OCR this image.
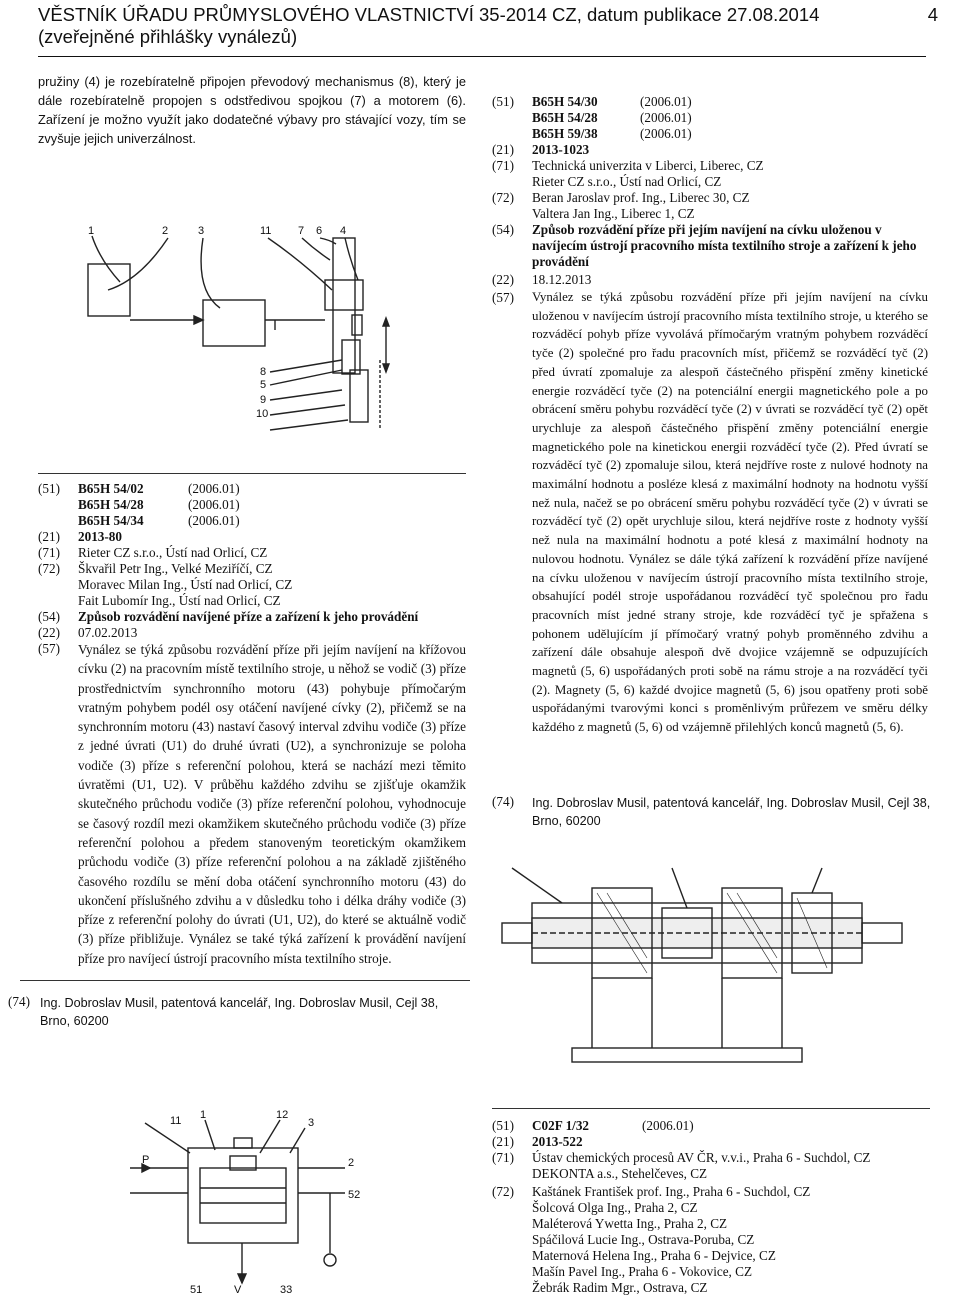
VĚSTNÍK ÚŘADU PRŮMYSLOVÉHO VLASTNICTVÍ 35-2014 CZ, datum publikace 27.08.2014
(zveřejněné přihlášky vynálezů)
4
pružiny (4) je rozebíratelně připojen převodový mechanismus (8), který je dále rozebíratelně propojen s odstředivou spojkou (7) a motorem (6). Zařízení je možno využít jako dodatečné výbavy pro stávající vozy, tím se zvyšuje jejich univerzálnost.
1	2	3	11 7 6 4
8
5
9
10
(51)	B65H 54/02	(2006.01)
B65H 54/28	(2006.01)
B65H 54/34	(2006.01)
(21)	2013-80
(71)	Rieter CZ s.r.o., Ústí nad Orlicí, CZ
(72)	Škvařil Petr Ing., Velké Meziříčí, CZ
Moravec Milan Ing., Ústí nad Orlicí, CZ
Fait Lubomír Ing., Ústí nad Orlicí, CZ
(54)	Způsob rozvádění navíjené příze a zařízení k jeho provádění
(22)	07.02.2013
(57)	Vynález se týká způsobu rozvádění příze při jejím navíjení na křížovou cívku (2) na pracovním místě textilního stroje, u něhož se vodič (3) příze prostřednictvím synchronního motoru (43) pohybuje přímočarým vratným pohybem podél osy otáčení navíjené cívky (2), přičemž se na synchronním motoru (43) nastaví časový interval zdvihu vodiče (3) příze z jedné úvrati (U1) do druhé úvrati (U2), a synchronizuje se poloha vodiče (3) příze s referenční polohou, která se nachází mezi těmito úvratěmi (U1, U2). V průběhu každého zdvihu se zjišťuje okamžik skutečného průchodu vodiče (3) příze referenční polohou, vyhodnocuje se časový rozdíl mezi okamžikem skutečného průchodu vodiče (3) příze referenční polohou a předem stanoveným teoretickým okamžikem průchodu vodiče (3) příze referenční polohou a na základě zjištěného časového rozdílu se mění doba otáčení synchronního motoru (43) do ukončení příslušného zdvihu a v důsledku toho i délka dráhy vodiče (3) příze z referenční polohy do úvrati (U1, U2), do které se aktuálně vodič (3) příze přibližuje. Vynález se také týká zařízení k provádění navíjení příze pro navíjecí ústrojí pracovního místa textilního stroje.
(74) Ing. Dobroslav Musil, patentová kancelář, Ing. Dobroslav Musil, Cejl 38, Brno, 60200
(51)	B65H 54/30	(2006.01)
B65H 54/28	(2006.01)
B65H 59/38	(2006.01)
(21)	2013-1023
(71)	Technická univerzita v Liberci, Liberec, CZ
Rieter CZ s.r.o., Ústí nad Orlicí, CZ
(72)	Beran Jaroslav prof. Ing., Liberec 30, CZ
Valtera Jan Ing., Liberec 1, CZ
(54)	Způsob rozvádění příze při jejím navíjení na cívku uloženou v navíjecím ústrojí pracovního místa textilního stroje a zařízení k jeho provádění
(22)	18.12.2013
(57)	Vynález se týká způsobu rozvádění příze při jejím navíjení na cívku uloženou v navíjecím ústrojí pracovního místa textilního stroje, u kterého se rozváděcí pohyb příze vyvolává přímočarým vratným pohybem rozváděcí tyče (2) společné pro řadu pracovních míst, přičemž se rozváděcí tyč (2) před úvratí zpomaluje za alespoň částečného přispění změny kinetické energie rozváděcí tyče (2) na potenciální energii magnetického pole a po obrácení směru pohybu rozváděcí tyče (2) v úvrati se rozváděcí tyč (2) opět urychluje za alespoň částečného přispění změny potenciální energie magnetického pole na kinetickou energii rozváděcí tyče (2). Před úvratí se rozváděcí tyč (2) zpomaluje silou, která nejdříve roste z nulové hodnoty na maximální hodnotu a posléze klesá z maximální hodnoty na hodnotu vyšší než nula, načež se po obrácení směru pohybu rozváděcí tyče (2) v úvrati se rozváděcí tyč (2) opět urychluje silou, která nejdříve roste z hodnoty vyšší než nula na maximální hodnotu a poté klesá z maximální hodnoty na nulovou hodnotu. Vynález se dále týká zařízení k rozvádění příze navíjené na cívku uloženou v navíjecím ústrojí pracovního místa textilního stroje, obsahující podél stroje uspořádanou rozváděcí tyč společnou pro řadu pracovních míst jedné strany stroje, kde rozváděcí tyč je spřažena s pohonem udělujícím jí přímočarý vratný pohyb proměnného zdvihu a zařízení dále obsahuje alespoň dvě dvojice vzájemně se odpuzujících magnetů (5, 6) uspořádaných proti sobě na rámu stroje a na rozváděcí tyči (2). Magnety (5, 6) každé dvojice magnetů (5, 6) jsou opatřeny proti sobě uspořádanými tvarovými konci s proměnlivým průřezem ve směru délky každého z magnetů (5, 6) od vzájemně přilehlých konců magnetů (5, 6).
(74)	Ing. Dobroslav Musil, patentová kancelář, Ing. Dobroslav Musil, Cejl 38, Brno, 60200
P
11 1	12
3
2
52
V
51	33
(51)	C02F 1/32	(2006.01)
(21)	2013-522
(71)	Ústav chemických procesů AV ČR, v.v.i., Praha 6 - Suchdol, CZ
DEKONTA a.s., Stehelčeves, CZ
(72)	Kaštánek František prof. Ing., Praha 6 - Suchdol, CZ
Šolcová Olga Ing., Praha 2, CZ
Maléterová Ywetta Ing., Praha 2, CZ
Spáčilová Lucie Ing., Ostrava-Poruba, CZ
Maternová Helena Ing., Praha 6 - Dejvice, CZ
Mašín Pavel Ing., Praha 6 - Vokovice, CZ
Žebrák Radim Mgr., Ostrava, CZ
